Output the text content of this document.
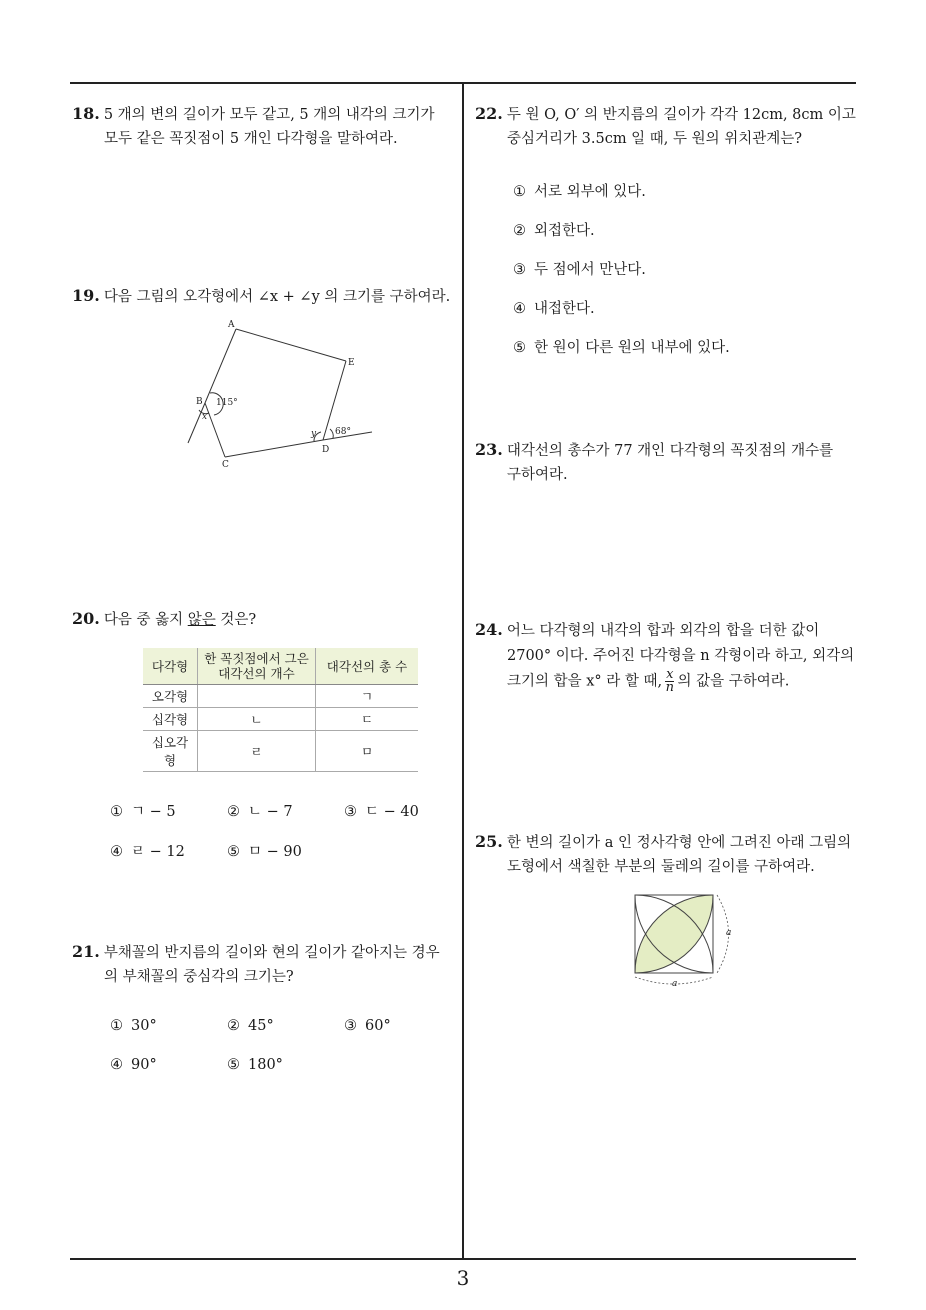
18. 5 개의 변의 길이가 모두 같고, 5 개의 내각의 크기가
모두 같은 꼭짓점이 5 개인 다각형을 말하여라.
19. 다음 그림의 오각형에서 ∠x + ∠y 의 크기를 구하여라.
A
E
B 115°
x
C
D
y 68°
20. 다음 중 옳지 않은 것은?
다각형	한 꼭짓점에서 그은 대각선의 개수	대각선의 총 수
오각형		ㄱ
십각형	ㄴ	ㄷ
십오각형	ㄹ	ㅁ
① ㄱ − 5	② ㄴ − 7	③ ㄷ − 40
④ ㄹ − 12	⑤ ㅁ − 90
21. 부채꼴의 반지름의 길이와 현의 길이가 같아지는 경우
의 부채꼴의 중심각의 크기는?
① 30°	② 45°	③ 60°
④ 90°	⑤ 180°
22. 두 원 O, O′ 의 반지름의 길이가 각각 12cm, 8cm 이고
중심거리가 3.5cm 일 때, 두 원의 위치관계는?
① 서로 외부에 있다.
② 외접한다.
③ 두 점에서 만난다.
④ 내접한다.
⑤ 한 원이 다른 원의 내부에 있다.
23. 대각선의 총수가 77 개인 다각형의 꼭짓점의 개수를
구하여라.
24. 어느 다각형의 내각의 합과 외각의 합을 더한 값이
2700° 이다. 주어진 다각형을 n 각형이라 하고, 외각의
크기의 합을 x° 라 할 때, $\frac{x}{n}$ 의 값을 구하여라.
25. 한 변의 길이가 a 인 정사각형 안에 그려진 아래 그림의
도형에서 색칠한 부분의 둘레의 길이를 구하여라.
a
a
3
